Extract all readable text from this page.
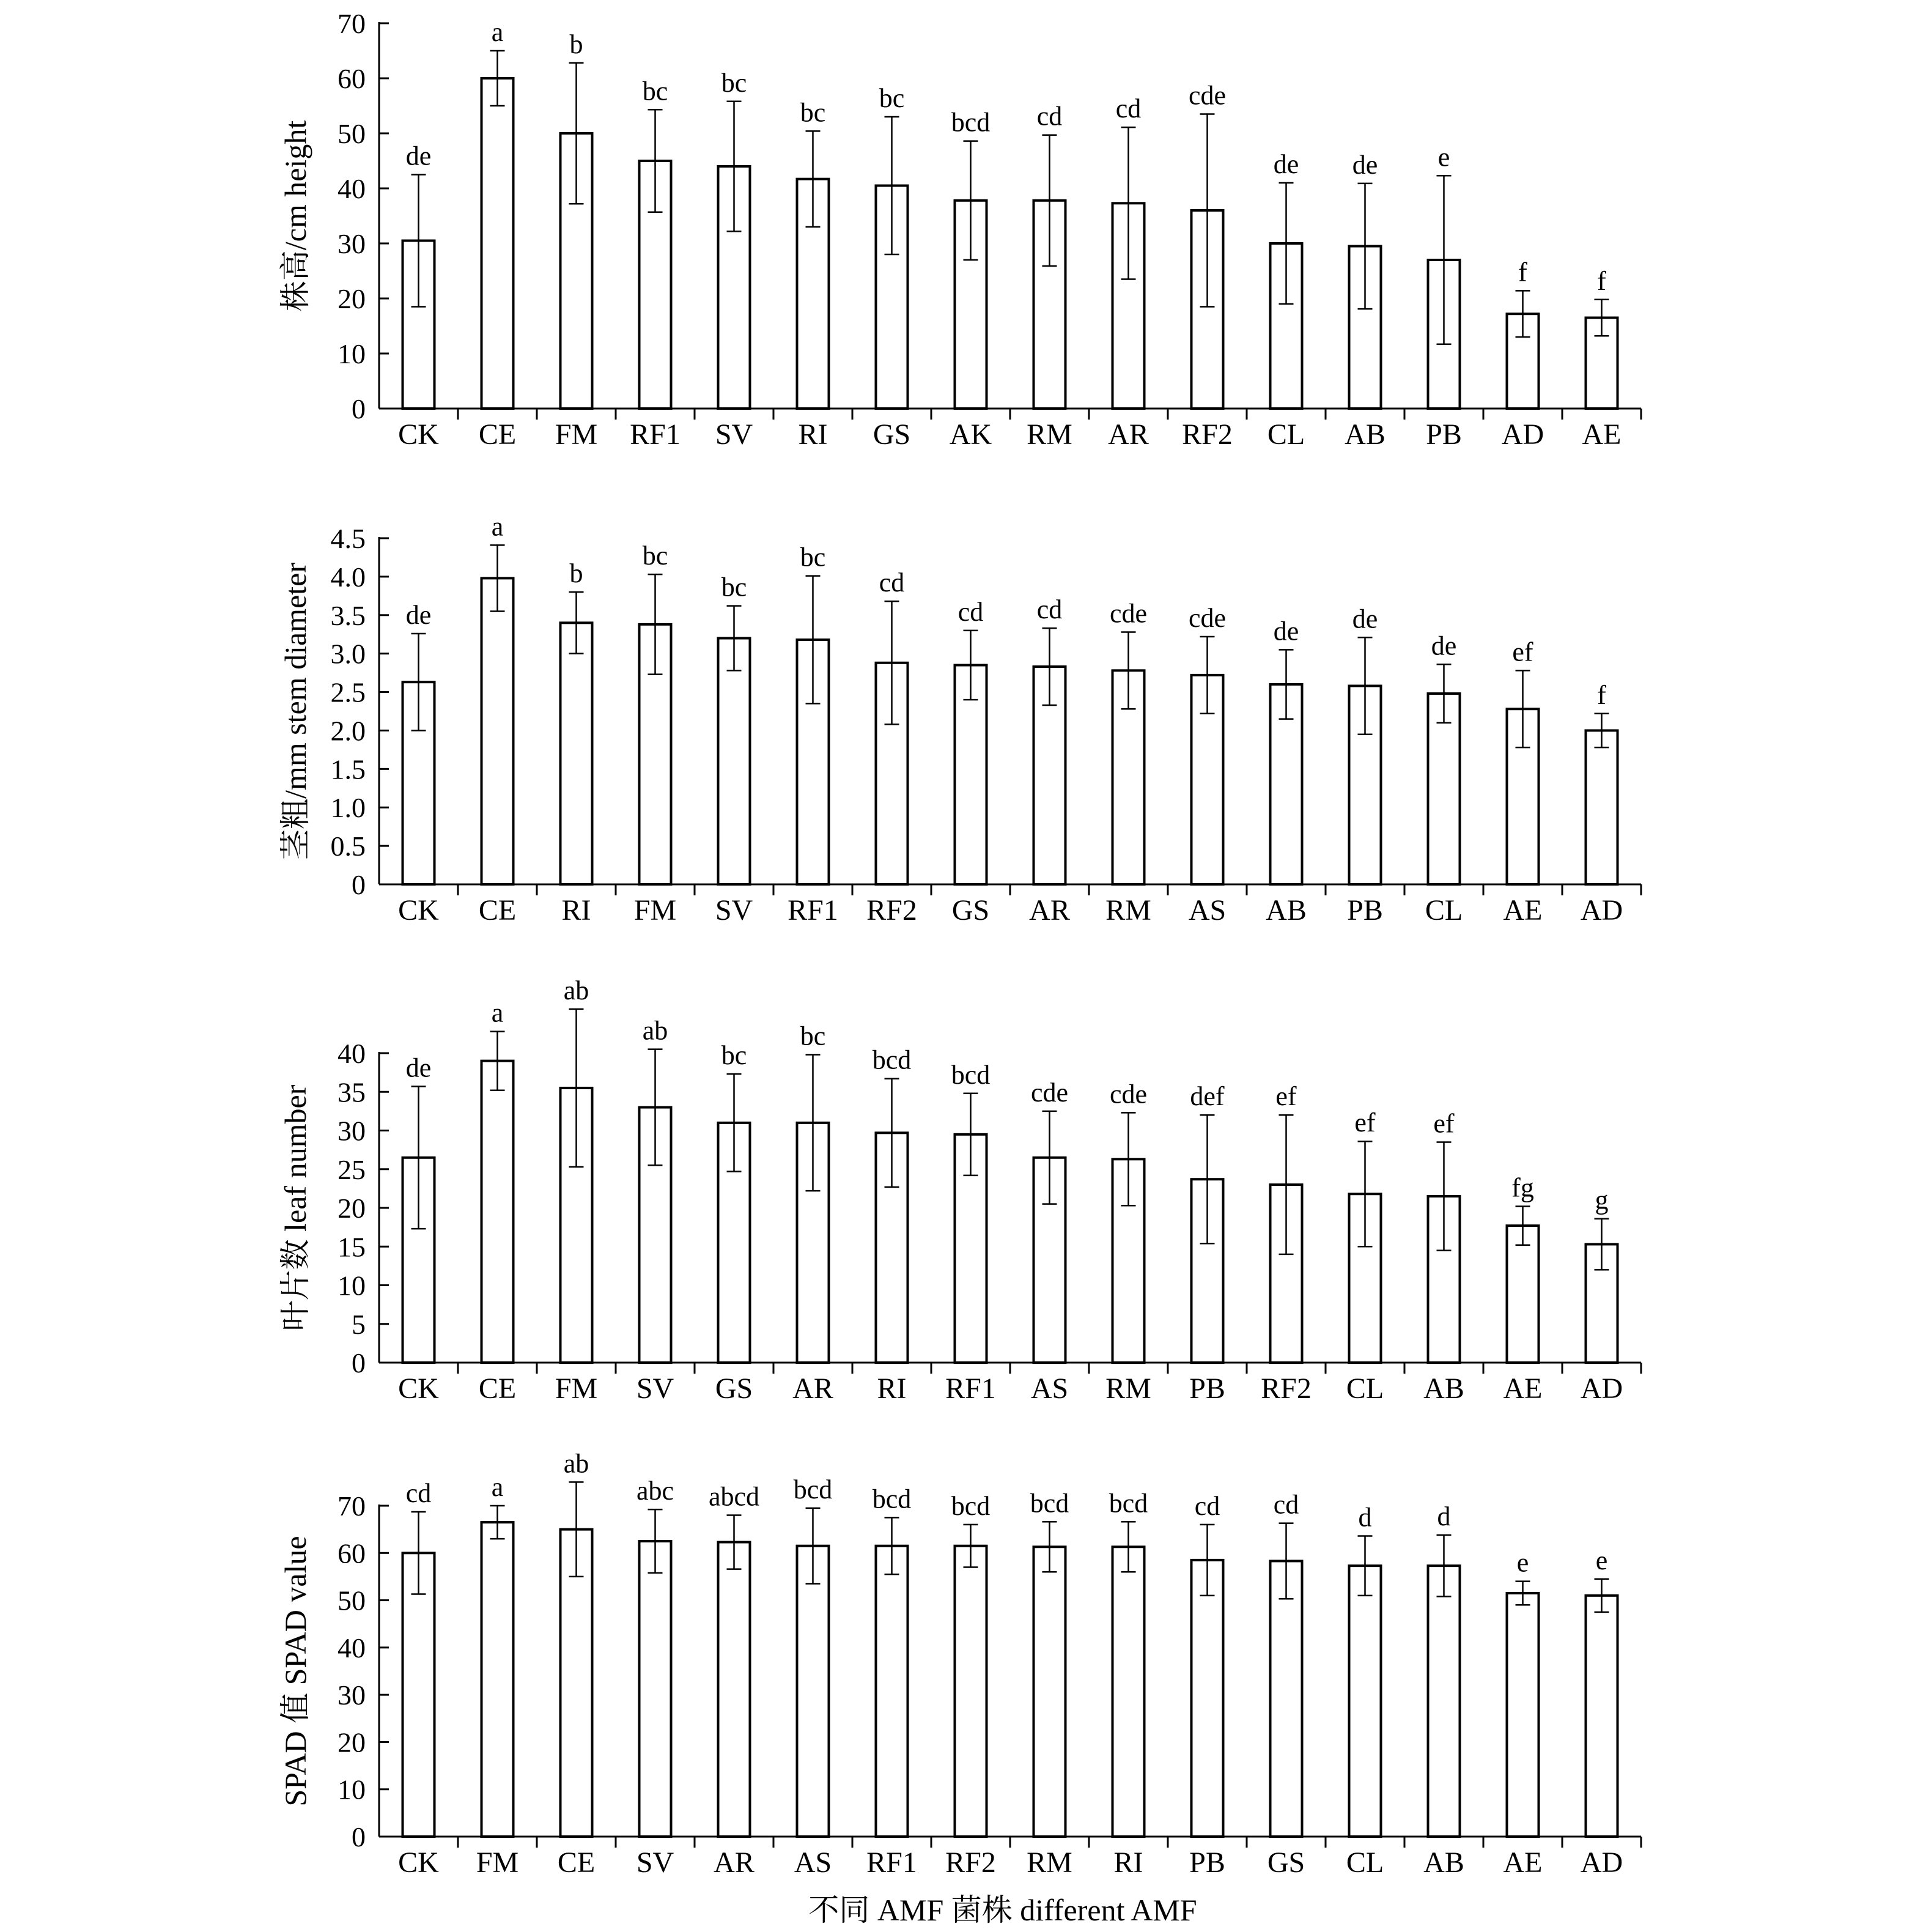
0
10
20
30
40
50
60
70
株高/cm height	de
CK
a
CE
b
FM
bc
RF1
bc
SV
bc
RI
bc
GS
bcd
AK
cd
RM
cd
AR
cde
RF2
de
CL
de
AB
e
PB
f
AD
f
AE
0
0.5
1.0
1.5
2.0
2.5
3.0
3.5
4.0
4.5
茎粗/mm stem diameter	de
CK
a
CE
b
RI
bc
FM
bc
SV
bc
RF1
cd
RF2
cd
GS
cd
AR
cde
RM
cde
AS
de
AB
de
PB
de
CL
ef
AE
f
AD
0
5
10
15
20
25
30
35
40
叶片数 leaf number
de
CK
a
CE
ab
FM
ab
SV
bc
GS
bc
AR
bcd
RI
bcd
RF1
cde
AS
cde
RM
def
PB
ef
RF2
ef
CL
ef
AB
fg
AE
g
AD
0
10
20
30
40
50
60
70
SPAD 值 SPAD value
cd
CK
a
FM
ab
CE
abc
SV
abcd
AR
bcd
AS
bcd
RF1
bcd
RF2
bcd
RM
bcd
RI
cd
PB
cd
GS
d
CL
d
AB
e
AE
e
AD
不同 AMF 菌株 different AMF
